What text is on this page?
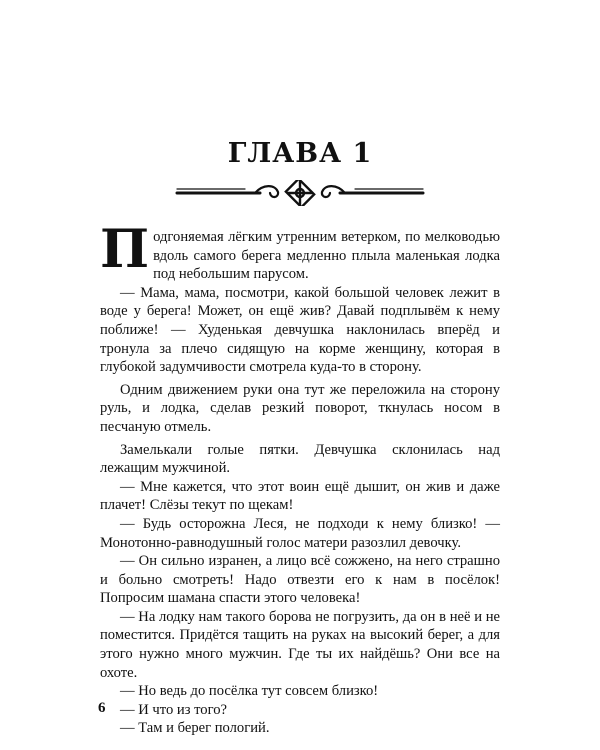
ГЛАВА 1

Подгоняемая лёгким утренним ветерком, по мелководью вдоль самого берега медленно плыла маленькая лодка под небольшим парусом.

— Мама, мама, посмотри, какой большой человек лежит в воде у берега! Может, он ещё жив? Давай подплывём к нему поближе! — Худенькая девчушка наклонилась вперёд и тронула за плечо сидящую на корме женщину, которая в глубокой задумчивости смотрела куда-то в сторону.

Одним движением руки она тут же переложила на сторону руль, и лодка, сделав резкий поворот, ткнулась носом в песчаную отмель.

Замелькали голые пятки. Девчушка склонилась над лежащим мужчиной.

— Мне кажется, что этот воин ещё дышит, он жив и даже плачет! Слёзы текут по щекам!

— Будь осторожна Леся, не подходи к нему близко! — Монотонно-равнодушный голос матери разозлил девочку.

— Он сильно изранен, а лицо всё сожжено, на него страшно и больно смотреть! Надо отвезти его к нам в посёлок! Попросим шамана спасти этого человека!

— На лодку нам такого борова не погрузить, да он в неё и не поместится. Придётся тащить на руках на высокий берег, а для этого нужно много мужчин. Где ты их найдёшь? Они все на охоте.

— Но ведь до посёлка тут совсем близко!

— И что из того?

— Там и берег пологий.

6
